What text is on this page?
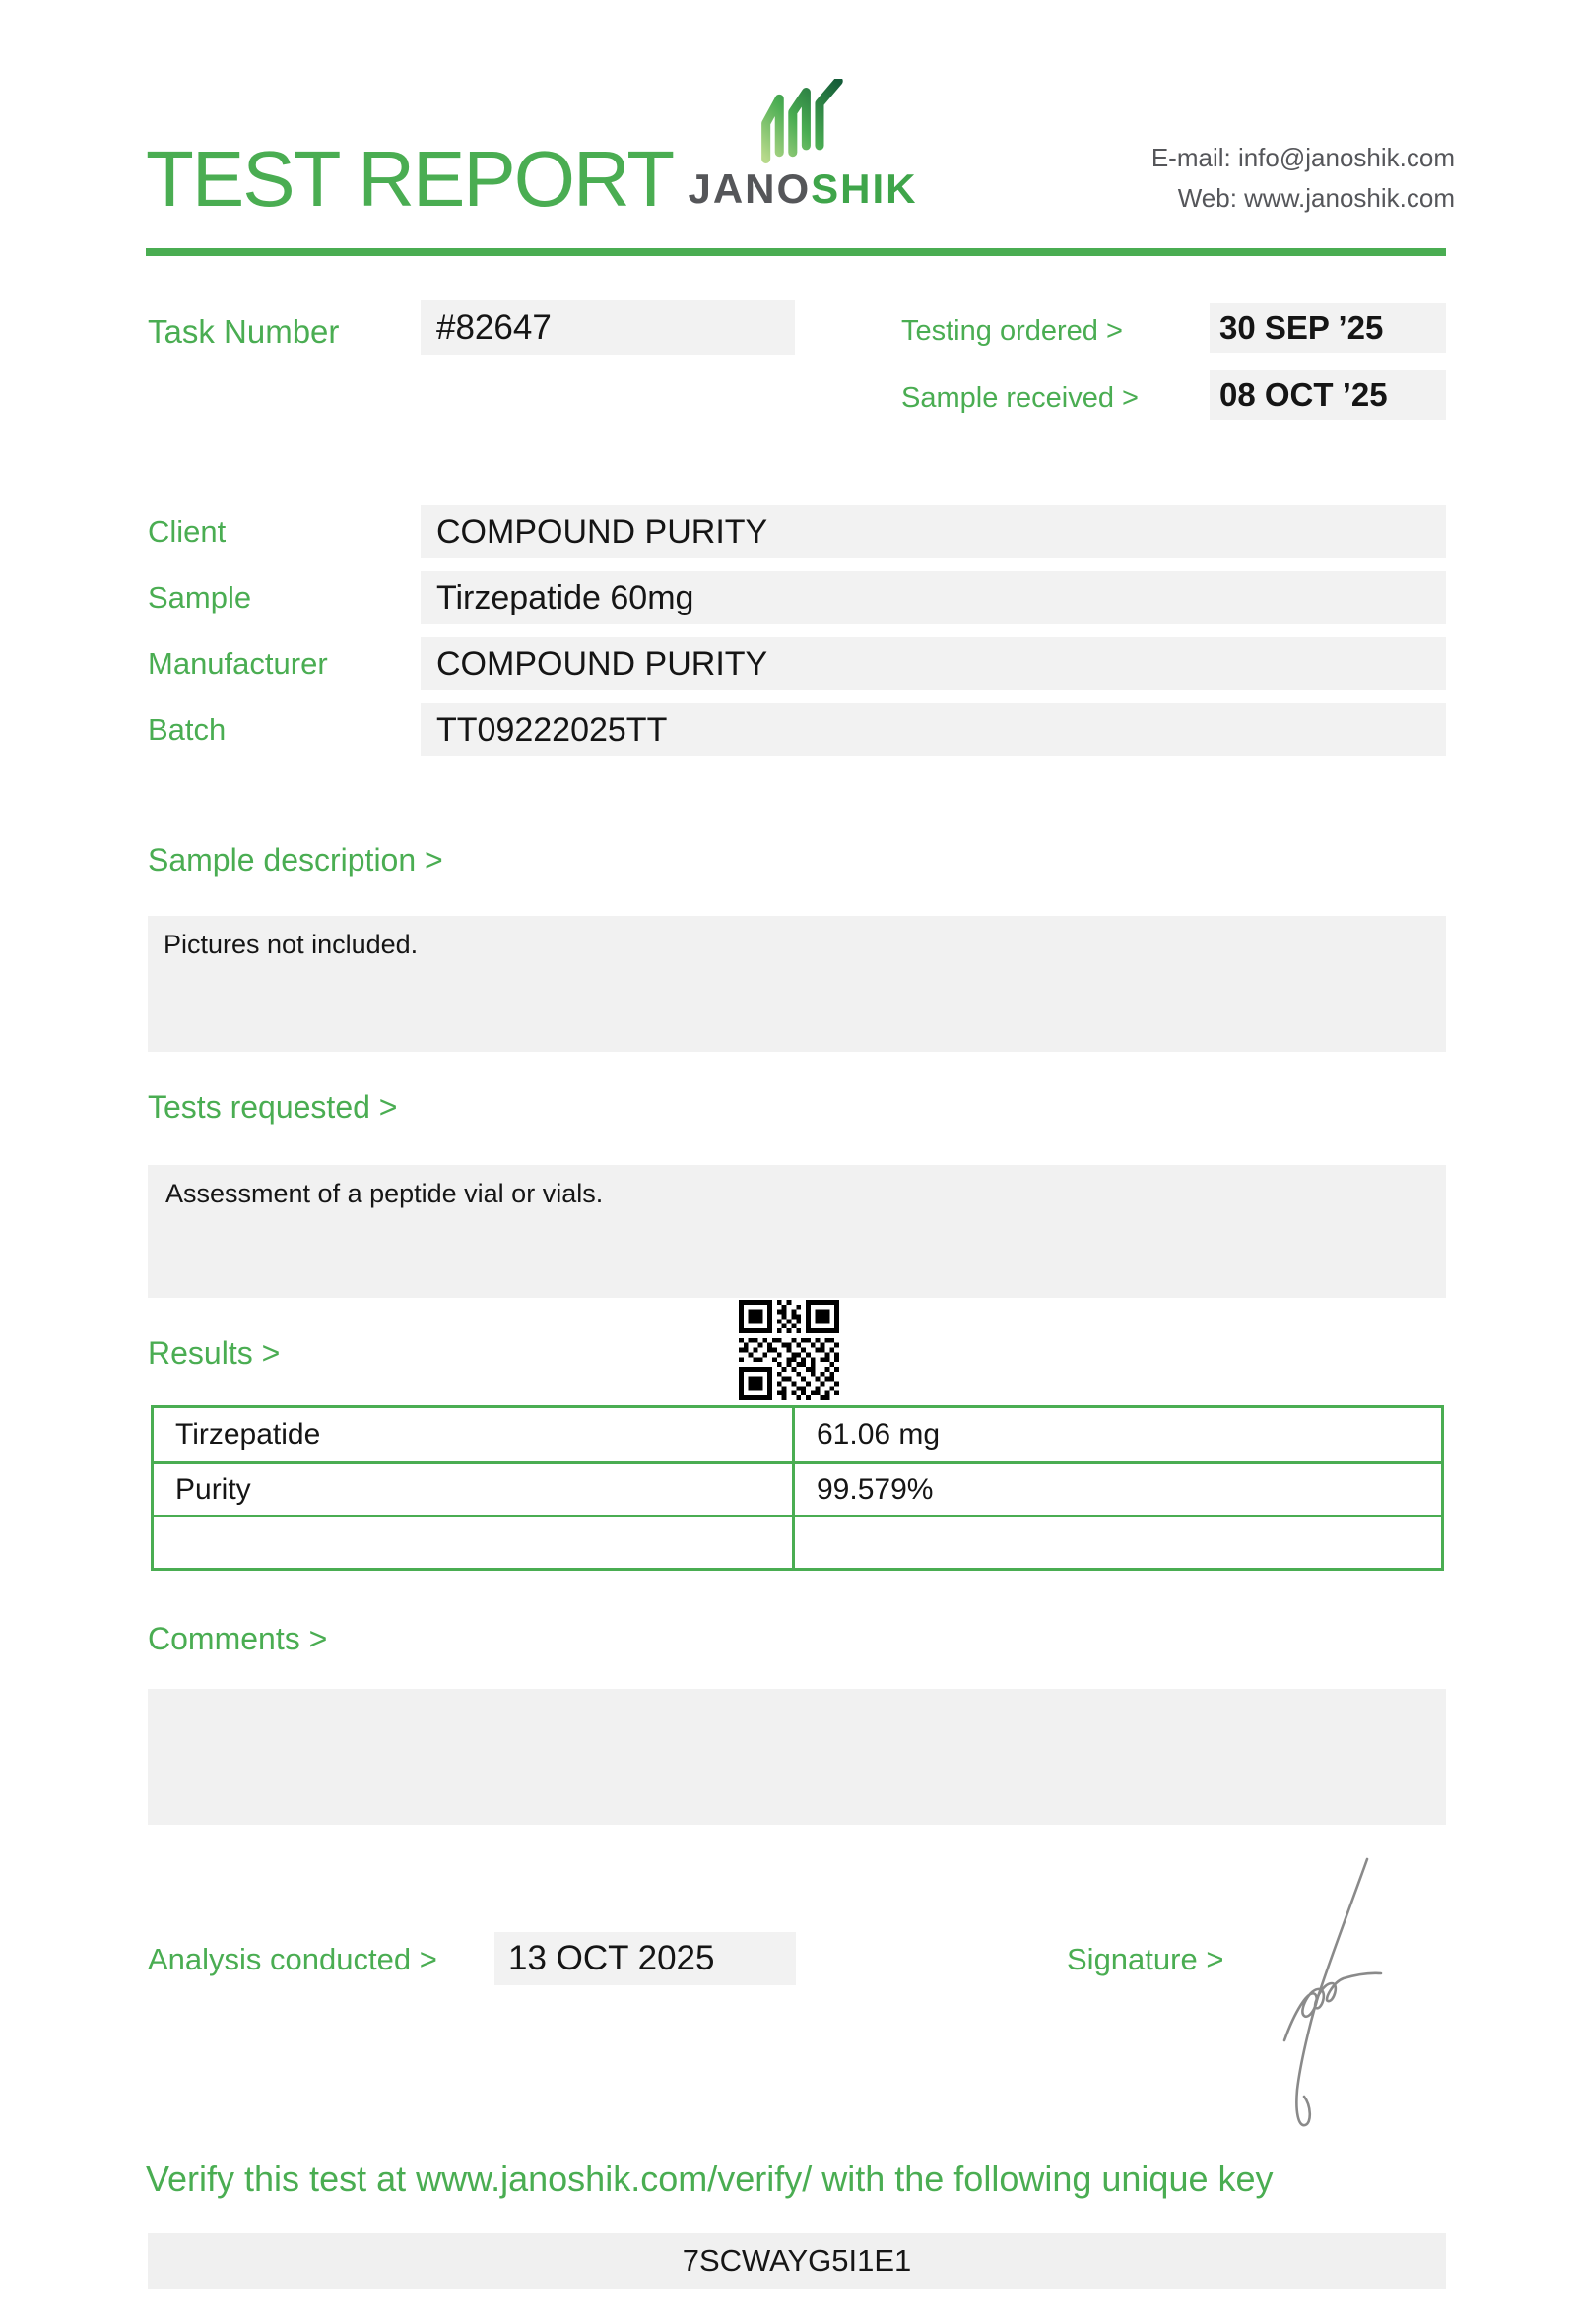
TEST REPORT JANOSHIK
E-mail: info@janoshik.com
Web: www.janoshik.com
Task Number	#82647	Testing ordered >	30 SEP ’25
Sample received >	08 OCT ’25
Client	COMPOUND PURITY
Sample	Tirzepatide 60mg
Manufacturer	COMPOUND PURITY
Batch	TT09222025TT
Sample description >
Pictures not included.
Tests requested >
Assessment of a peptide vial or vials.
Results >
Tirzepatide	61.06 mg
Purity	99.579%
Comments >
Analysis conducted >	13 OCT 2025	Signature >
Verify this test at www.janoshik.com/verify/ with the following unique key
7SCWAYG5I1E1
